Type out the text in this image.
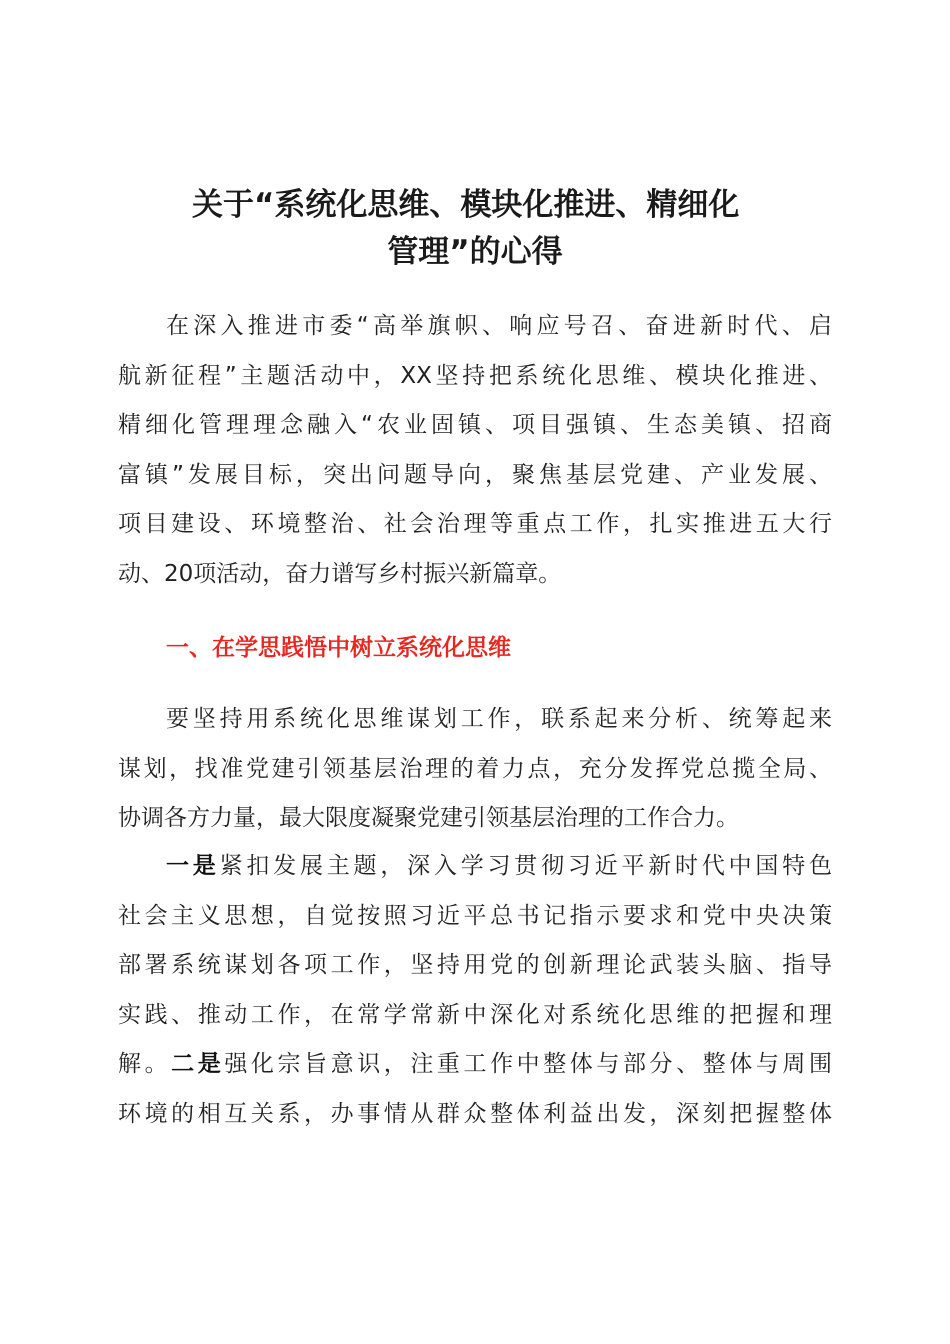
关于“系统化思维、模块化推进、精细化
管理”的心得

在深入推进市委“高举旗帜、响应号召、奋进新时代、启
航新征程”主题活动中，XX坚持把系统化思维、模块化推进、
精细化管理理念融入“农业固镇、项目强镇、生态美镇、招商
富镇”发展目标，突出问题导向，聚焦基层党建、产业发展、
项目建设、环境整治、社会治理等重点工作，扎实推进五大行
动、20项活动，奋力谱写乡村振兴新篇章。

一、在学思践悟中树立系统化思维

要坚持用系统化思维谋划工作，联系起来分析、统筹起来
谋划，找准党建引领基层治理的着力点，充分发挥党总揽全局、
协调各方力量，最大限度凝聚党建引领基层治理的工作合力。

一是紧扣发展主题，深入学习贯彻习近平新时代中国特色
社会主义思想，自觉按照习近平总书记指示要求和党中央决策
部署系统谋划各项工作，坚持用党的创新理论武装头脑、指导
实践、推动工作，在常学常新中深化对系统化思维的把握和理
解。二是强化宗旨意识，注重工作中整体与部分、整体与周围
环境的相互关系，办事情从群众整体利益出发，深刻把握整体
